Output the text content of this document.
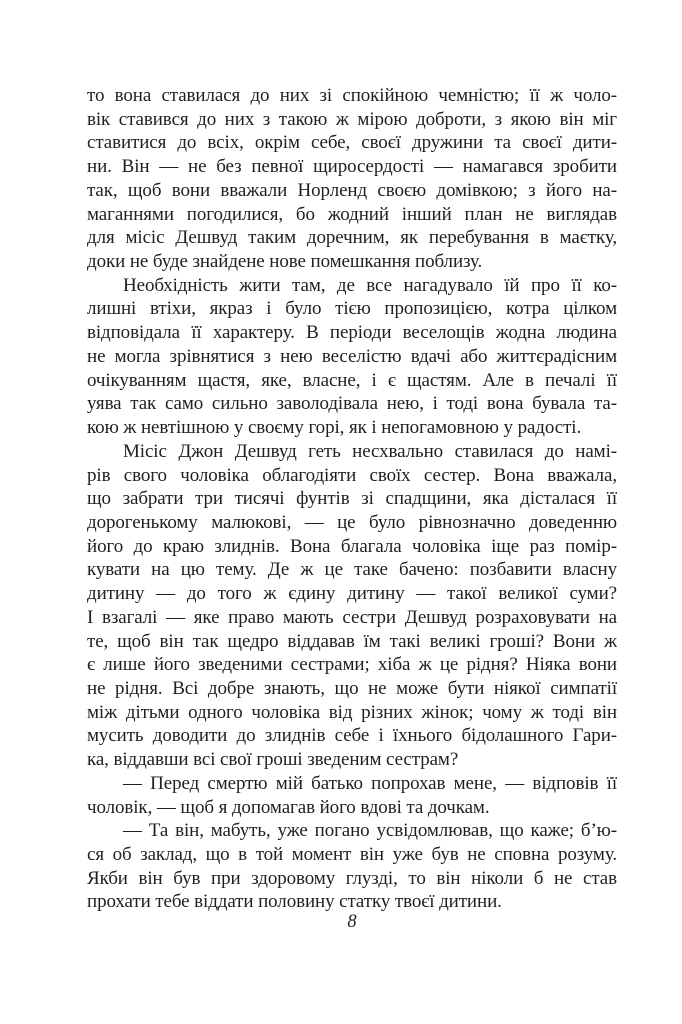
то вона ставилася до них зі спокійною чемністю; її ж чоло-
вік ставився до них з такою ж мірою доброти, з якою він міг
ставитися до всіх, окрім себе, своєї дружини та своєї дити-
ни. Він — не без певної щиросердості — намагався зробити
так, щоб вони вважали Норленд своєю домівкою; з його на-
маганнями погодилися, бо жодний інший план не виглядав
для місіс Дешвуд таким доречним, як перебування в маєтку,
доки не буде знайдене нове помешкання поблизу.
Необхідність жити там, де все нагадувало їй про її ко-
лишні втіхи, якраз і було тією пропозицією, котра цілком
відповідала її характеру. В періоди веселощів жодна людина
не могла зрівнятися з нею веселістю вдачі або життєрадісним
очікуванням щастя, яке, власне, і є щастям. Але в печалі її
уява так само сильно заволодівала нею, і тоді вона бувала та-
кою ж невтішною у своєму горі, як і непогамовною у радості.
Місіс Джон Дешвуд геть несхвально ставилася до намі-
рів свого чоловіка облагодіяти своїх сестер. Вона вважала,
що забрати три тисячі фунтів зі спадщини, яка дісталася її
дорогенькому малюкові, — це було рівнозначно доведенню
його до краю злиднів. Вона благала чоловіка іще раз помір-
кувати на цю тему. Де ж це таке бачено: позбавити власну
дитину — до того ж єдину дитину — такої великої суми?
І взагалі — яке право мають сестри Дешвуд розраховувати на
те, щоб він так щедро віддавав їм такі великі гроші? Вони ж
є лише його зведеними сестрами; хіба ж це рідня? Ніяка вони
не рідня. Всі добре знають, що не може бути ніякої симпатії
між дітьми одного чоловіка від різних жінок; чому ж тоді він
мусить доводити до злиднів себе і їхнього бідолашного Гари-
ка, віддавши всі свої гроші зведеним сестрам?
— Перед смертю мій батько попрохав мене, — відповів її
чоловік, — щоб я допомагав його вдові та дочкам.
— Та він, мабуть, уже погано усвідомлював, що каже; б’ю-
ся об заклад, що в той момент він уже був не сповна розуму.
Якби він був при здоровому глузді, то він ніколи б не став
прохати тебе віддати половину статку твоєї дитини.
8
